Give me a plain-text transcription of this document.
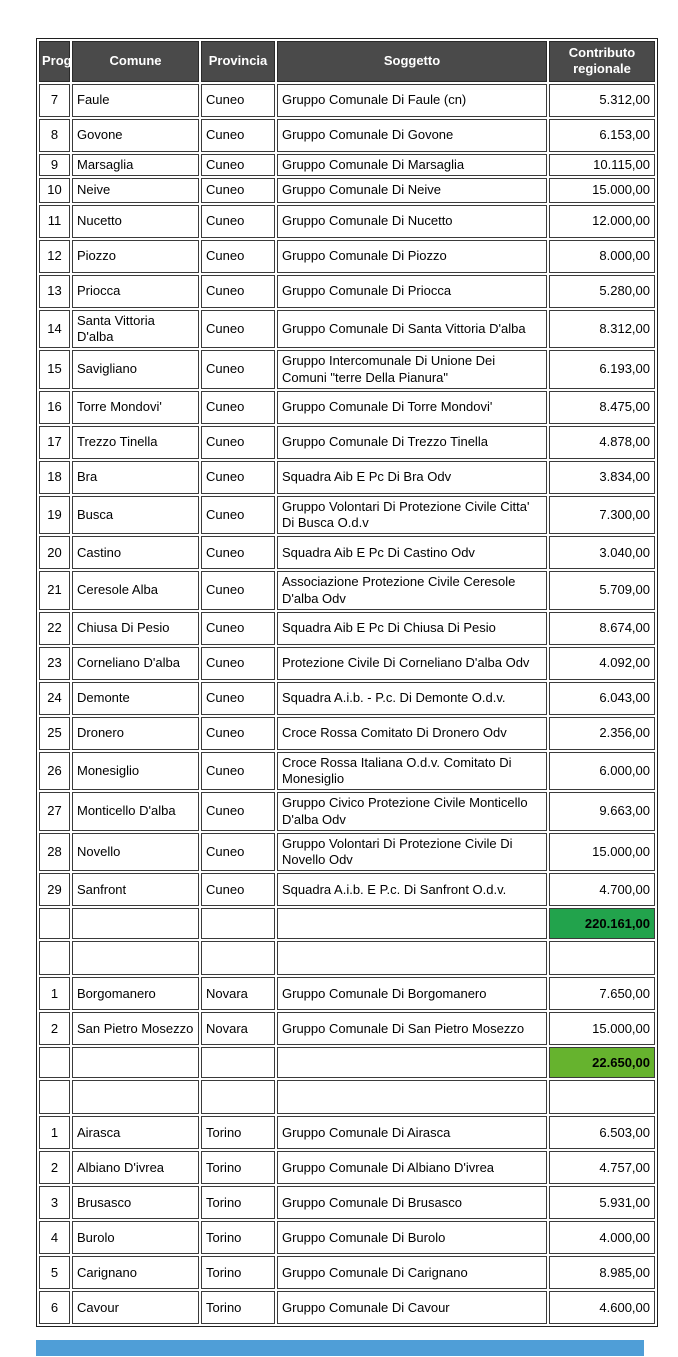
Prog	Comune	Provincia	Soggetto	Contributo regionale
7	Faule	Cuneo	Gruppo Comunale Di Faule (cn)	5.312,00
8	Govone	Cuneo	Gruppo Comunale Di Govone	6.153,00
9	Marsaglia	Cuneo	Gruppo Comunale Di Marsaglia	10.115,00
10	Neive	Cuneo	Gruppo Comunale Di Neive	15.000,00
11	Nucetto	Cuneo	Gruppo Comunale Di Nucetto	12.000,00
12	Piozzo	Cuneo	Gruppo Comunale Di Piozzo	8.000,00
13	Priocca	Cuneo	Gruppo Comunale Di Priocca	5.280,00
14	Santa Vittoria D'alba	Cuneo	Gruppo Comunale Di Santa Vittoria D'alba	8.312,00
15	Savigliano	Cuneo	Gruppo Intercomunale Di Unione Dei Comuni "terre Della Pianura"	6.193,00
16	Torre Mondovi'	Cuneo	Gruppo Comunale Di Torre Mondovi'	8.475,00
17	Trezzo Tinella	Cuneo	Gruppo Comunale Di Trezzo Tinella	4.878,00
18	Bra	Cuneo	Squadra Aib E Pc Di Bra Odv	3.834,00
19	Busca	Cuneo	Gruppo Volontari Di Protezione Civile Citta' Di Busca O.d.v	7.300,00
20	Castino	Cuneo	Squadra Aib E Pc Di Castino Odv	3.040,00
21	Ceresole Alba	Cuneo	Associazione Protezione Civile Ceresole D'alba Odv	5.709,00
22	Chiusa Di Pesio	Cuneo	Squadra Aib E Pc Di Chiusa Di Pesio	8.674,00
23	Corneliano D'alba	Cuneo	Protezione Civile Di Corneliano D'alba Odv	4.092,00
24	Demonte	Cuneo	Squadra A.i.b. - P.c. Di Demonte O.d.v.	6.043,00
25	Dronero	Cuneo	Croce Rossa Comitato Di Dronero Odv	2.356,00
26	Monesiglio	Cuneo	Croce Rossa Italiana O.d.v. Comitato Di Monesiglio	6.000,00
27	Monticello D'alba	Cuneo	Gruppo Civico Protezione Civile Monticello D'alba Odv	9.663,00
28	Novello	Cuneo	Gruppo Volontari Di Protezione Civile Di Novello Odv	15.000,00
29	Sanfront	Cuneo	Squadra A.i.b. E P.c. Di Sanfront O.d.v.	4.700,00
				220.161,00

1	Borgomanero	Novara	Gruppo Comunale Di Borgomanero	7.650,00
2	San Pietro Mosezzo	Novara	Gruppo Comunale Di San Pietro Mosezzo	15.000,00
				22.650,00

1	Airasca	Torino	Gruppo Comunale Di Airasca	6.503,00
2	Albiano D'ivrea	Torino	Gruppo Comunale Di Albiano D'ivrea	4.757,00
3	Brusasco	Torino	Gruppo Comunale Di Brusasco	5.931,00
4	Burolo	Torino	Gruppo Comunale Di Burolo	4.000,00
5	Carignano	Torino	Gruppo Comunale Di Carignano	8.985,00
6	Cavour	Torino	Gruppo Comunale Di Cavour	4.600,00
